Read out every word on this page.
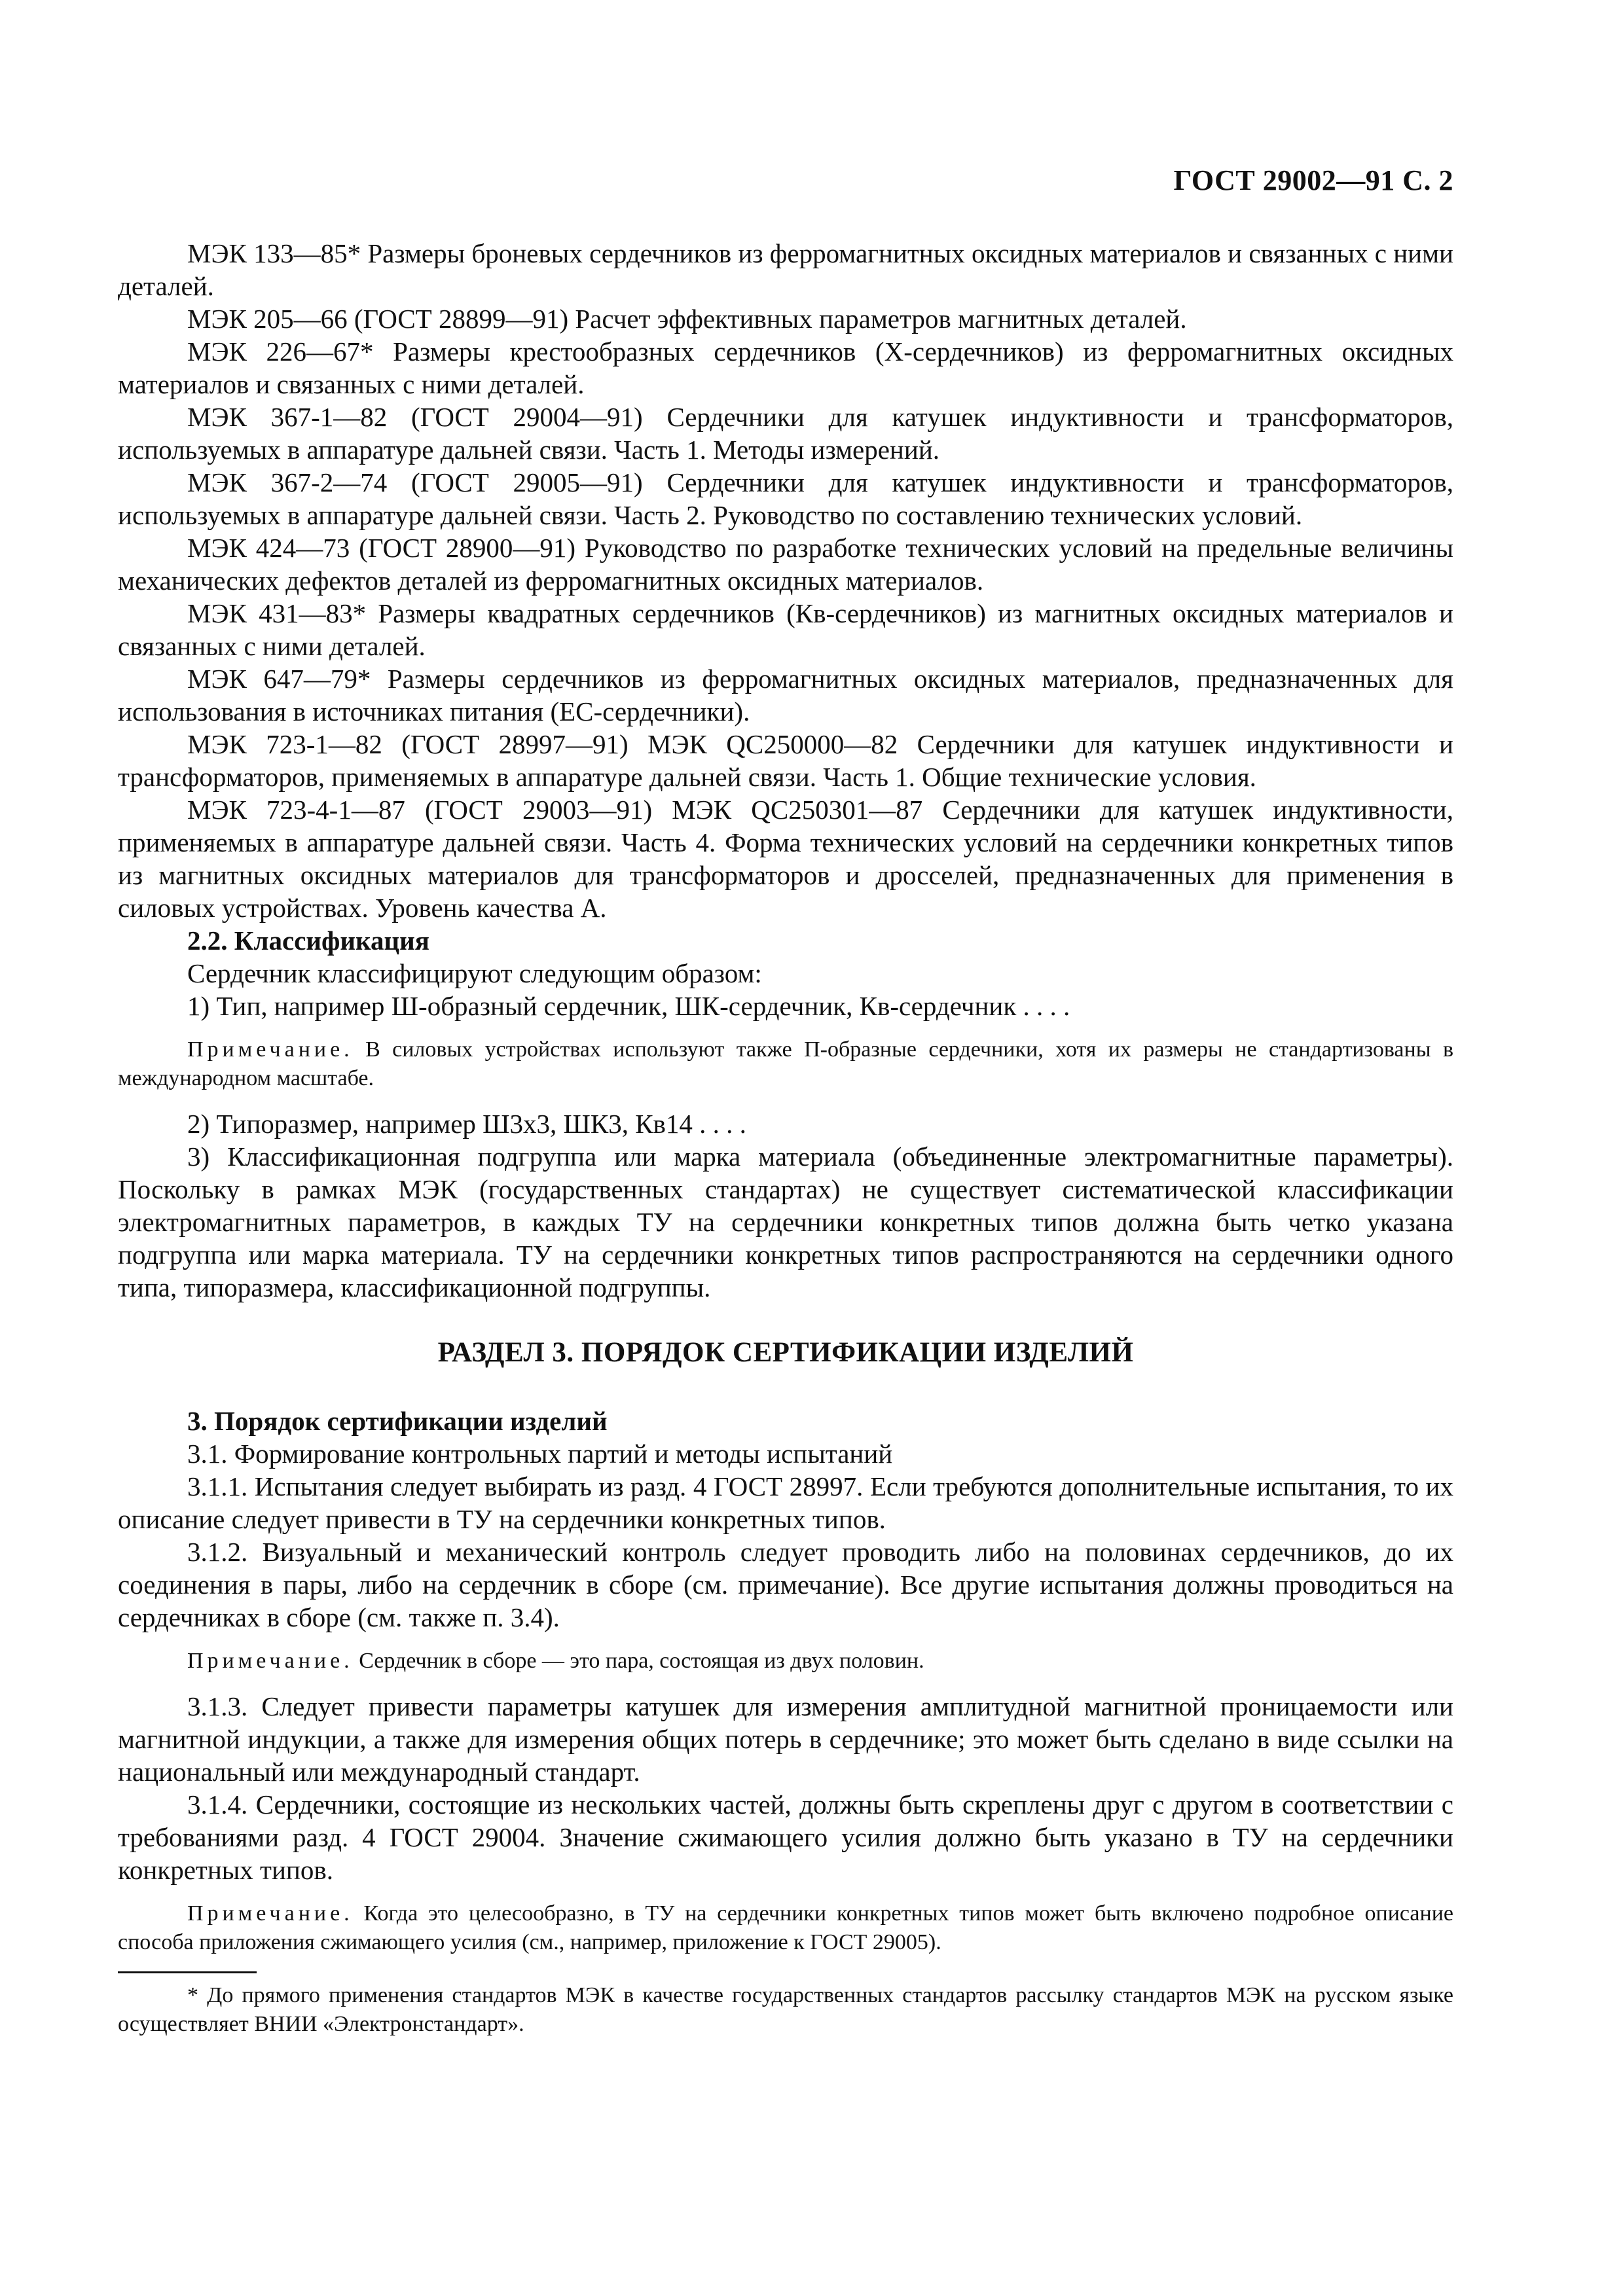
ГОСТ 29002—91 С. 2

МЭК 133—85* Размеры броневых сердечников из ферромагнитных оксидных материалов и связанных с ними деталей.

МЭК 205—66 (ГОСТ 28899—91) Расчет эффективных параметров магнитных деталей.

МЭК 226—67* Размеры крестообразных сердечников (X-сердечников) из ферромагнитных оксидных материалов и связанных с ними деталей.

МЭК 367-1—82 (ГОСТ 29004—91) Сердечники для катушек индуктивности и трансформаторов, используемых в аппаратуре дальней связи. Часть 1. Методы измерений.

МЭК 367-2—74 (ГОСТ 29005—91) Сердечники для катушек индуктивности и трансформаторов, используемых в аппаратуре дальней связи. Часть 2. Руководство по составлению технических условий.

МЭК 424—73 (ГОСТ 28900—91) Руководство по разработке технических условий на предельные величины механических дефектов деталей из ферромагнитных оксидных материалов.

МЭК 431—83* Размеры квадратных сердечников (Кв-сердечников) из магнитных оксидных материалов и связанных с ними деталей.

МЭК 647—79* Размеры сердечников из ферромагнитных оксидных материалов, предназначенных для использования в источниках питания (ЕС-сердечники).

МЭК 723-1—82 (ГОСТ 28997—91) МЭК QC250000—82 Сердечники для катушек индуктивности и трансформаторов, применяемых в аппаратуре дальней связи. Часть 1. Общие технические условия.

МЭК 723-4-1—87 (ГОСТ 29003—91) МЭК QC250301—87 Сердечники для катушек индуктивности, применяемых в аппаратуре дальней связи. Часть 4. Форма технических условий на сердечники конкретных типов из магнитных оксидных материалов для трансформаторов и дросселей, предназначенных для применения в силовых устройствах. Уровень качества А.

2.2. Классификация

Сердечник классифицируют следующим образом:

1) Тип, например Ш-образный сердечник, ШК-сердечник, Кв-сердечник . . . .

Примечание. В силовых устройствах используют также П-образные сердечники, хотя их размеры не стандартизованы в международном масштабе.

2) Типоразмер, например Ш3х3, ШК3, Кв14 . . . .

3) Классификационная подгруппа или марка материала (объединенные электромагнитные параметры). Поскольку в рамках МЭК (государственных стандартах) не существует систематической классификации электромагнитных параметров, в каждых ТУ на сердечники конкретных типов должна быть четко указана подгруппа или марка материала. ТУ на сердечники конкретных типов распространяются на сердечники одного типа, типоразмера, классификационной подгруппы.

РАЗДЕЛ 3. ПОРЯДОК СЕРТИФИКАЦИИ ИЗДЕЛИЙ

3. Порядок сертификации изделий

3.1. Формирование контрольных партий и методы испытаний

3.1.1. Испытания следует выбирать из разд. 4 ГОСТ 28997. Если требуются дополнительные испытания, то их описание следует привести в ТУ на сердечники конкретных типов.

3.1.2. Визуальный и механический контроль следует проводить либо на половинах сердечников, до их соединения в пары, либо на сердечник в сборе (см. примечание). Все другие испытания должны проводиться на сердечниках в сборе (см. также п. 3.4).

Примечание. Сердечник в сборе — это пара, состоящая из двух половин.

3.1.3. Следует привести параметры катушек для измерения амплитудной магнитной проницаемости или магнитной индукции, а также для измерения общих потерь в сердечнике; это может быть сделано в виде ссылки на национальный или международный стандарт.

3.1.4. Сердечники, состоящие из нескольких частей, должны быть скреплены друг с другом в соответствии с требованиями разд. 4 ГОСТ 29004. Значение сжимающего усилия должно быть указано в ТУ на сердечники конкретных типов.

Примечание. Когда это целесообразно, в ТУ на сердечники конкретных типов может быть включено подробное описание способа приложения сжимающего усилия (см., например, приложение к ГОСТ 29005).

* До прямого применения стандартов МЭК в качестве государственных стандартов рассылку стандартов МЭК на русском языке осуществляет ВНИИ «Электронстандарт».
